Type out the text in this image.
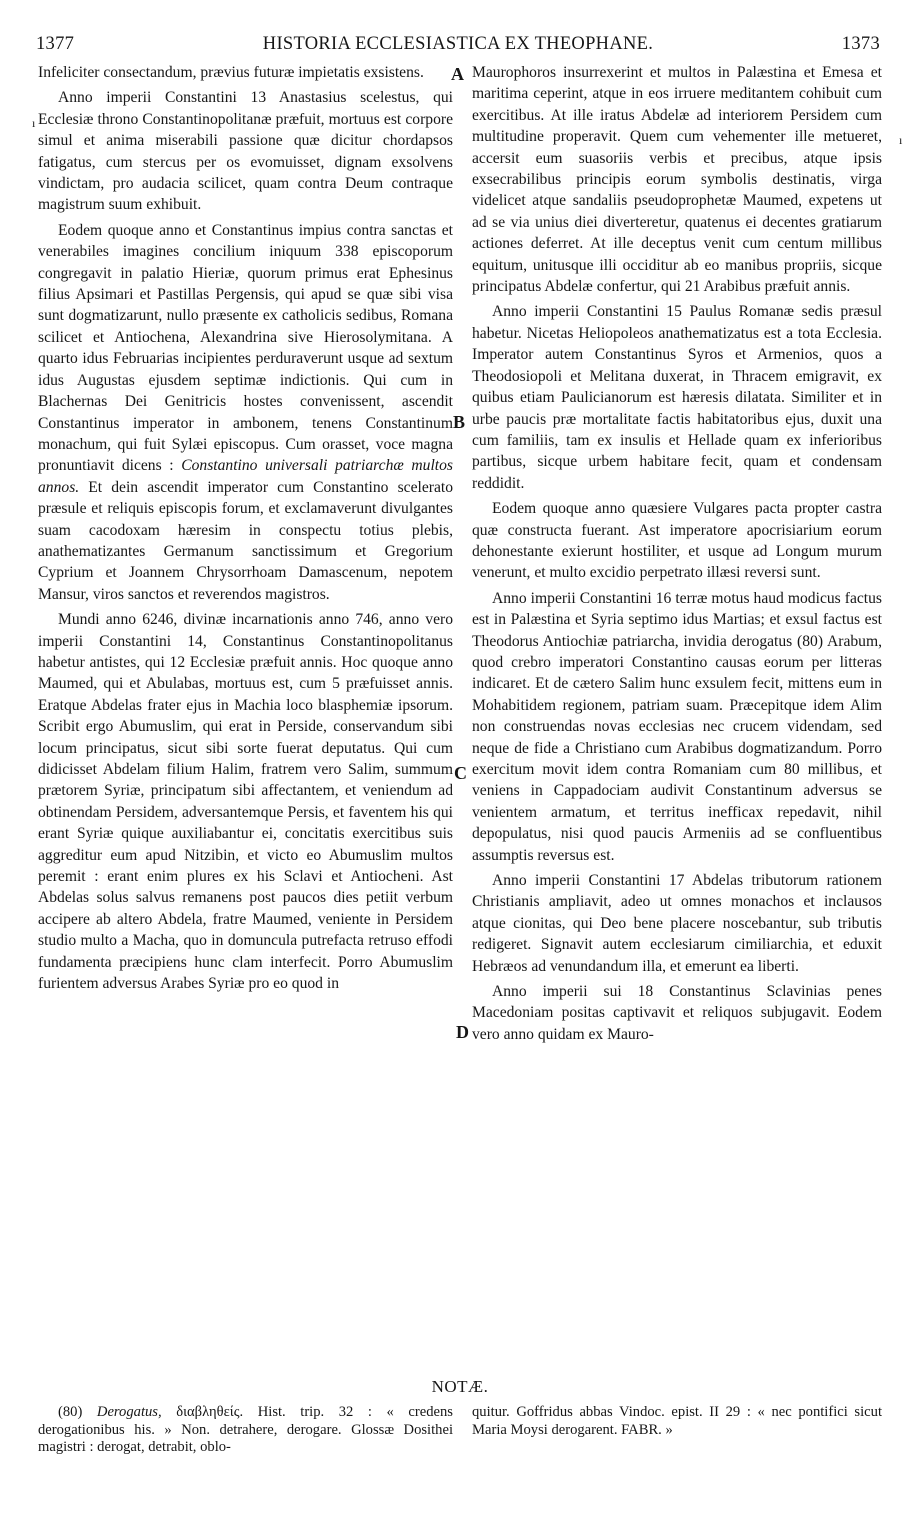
1377	HISTORIA ECCLESIASTICA EX THEOPHANE.	1373
ı
ı
A
B
C
D

Infeliciter consectandum, prævius futuræ impietatis exsistens.

Anno imperii Constantini 13 Anastasius scelestus, qui Ecclesiæ throno Constantinopolitanæ præfuit, mortuus est corpore simul et anima miserabili passione quæ dicitur chordapsos fatigatus, cum stercus per os evomuisset, dignam exsolvens vindictam, pro audacia scilicet, quam contra Deum contraque magistrum suum exhibuit.

Eodem quoque anno et Constantinus impius contra sanctas et venerabiles imagines concilium iniquum 338 episcoporum congregavit in palatio Hieriæ, quorum primus erat Ephesinus filius Apsimari et Pastillas Pergensis, qui apud se quæ sibi visa sunt dogmatizarunt, nullo præsente ex catholicis sedibus, Romana scilicet et Antiochena, Alexandrina sive Hierosolymitana. A quarto idus Februarias incipientes perduraverunt usque ad sextum idus Augustas ejusdem septimæ indictionis. Qui cum in Blachernas Dei Genitricis hostes convenissent, ascendit Constantinus imperator in ambonem, tenens Constantinum monachum, qui fuit Sylæi episcopus. Cum orasset, voce magna pronuntiavit dicens : Constantino universali patriarchæ multos annos. Et dein ascendit imperator cum Constantino scelerato præsule et reliquis episcopis forum, et exclamaverunt divulgantes suam cacodoxam hæresim in conspectu totius plebis, anathematizantes Germanum sanctissimum et Gregorium Cyprium et Joannem Chrysorrhoam Damascenum, nepotem Mansur, viros sanctos et reverendos magistros.

Mundi anno 6246, divinæ incarnationis anno 746, anno vero imperii Constantini 14, Constantinus Constantinopolitanus habetur antistes, qui 12 Ecclesiæ præfuit annis. Hoc quoque anno Maumed, qui et Abulabas, mortuus est, cum 5 præfuisset annis. Eratque Abdelas frater ejus in Machia loco blasphemiæ ipsorum. Scribit ergo Abumuslim, qui erat in Perside, conservandum sibi locum principatus, sicut sibi sorte fuerat deputatus. Qui cum didicisset Abdelam filium Halim, fratrem vero Salim, summum prætorem Syriæ, principatum sibi affectantem, et veniendum ad obtinendam Persidem, adversantemque Persis, et faventem his qui erant Syriæ quique auxiliabantur ei, concitatis exercitibus suis aggreditur eum apud Nitzibin, et victo eo Abumuslim multos peremit : erant enim plures ex his Sclavi et Antiocheni. Ast Abdelas solus salvus remanens post paucos dies petiit verbum accipere ab altero Abdela, fratre Maumed, veniente in Persidem studio multo a Macha, quo in domuncula putrefacta retruso effodi fundamenta præcipiens hunc clam interfecit. Porro Abumuslim furientem adversus Arabes Syriæ pro eo quod in

Maurophoros insurrexerint et multos in Palæstina et Emesa et maritima ceperint, atque in eos irruere meditantem cohibuit cum exercitibus. At ille iratus Abdelæ ad interiorem Persidem cum multitudine properavit. Quem cum vehementer ille metueret, accersit eum suasoriis verbis et precibus, atque ipsis exsecrabilibus principis eorum symbolis destinatis, virga videlicet atque sandaliis pseudoprophetæ Maumed, expetens ut ad se via unius diei diverteretur, quatenus ei decentes gratiarum actiones deferret. At ille deceptus venit cum centum millibus equitum, unitusque illi occiditur ab eo manibus propriis, sicque principatus Abdelæ confertur, qui 21 Arabibus præfuit annis.

Anno imperii Constantini 15 Paulus Romanæ sedis præsul habetur. Nicetas Heliopoleos anathematizatus est a tota Ecclesia. Imperator autem Constantinus Syros et Armenios, quos a Theodosiopoli et Melitana duxerat, in Thracem emigravit, ex quibus etiam Paulicianorum est hæresis dilatata. Similiter et in urbe paucis præ mortalitate factis habitatoribus ejus, duxit una cum familiis, tam ex insulis et Hellade quam ex inferioribus partibus, sicque urbem habitare fecit, quam et condensam reddidit.

Eodem quoque anno quæsiere Vulgares pacta propter castra quæ constructa fuerant. Ast imperatore apocrisiarium eorum dehonestante exierunt hostiliter, et usque ad Longum murum venerunt, et multo excidio perpetrato illæsi reversi sunt.

Anno imperii Constantini 16 terræ motus haud modicus factus est in Palæstina et Syria septimo idus Martias; et exsul factus est Theodorus Antiochiæ patriarcha, invidia derogatus (80) Arabum, quod crebro imperatori Constantino causas eorum per litteras indicaret. Et de cætero Salim hunc exsulem fecit, mittens eum in Mohabitidem regionem, patriam suam. Præcepitque idem Alim non construendas novas ecclesias nec crucem videndam, sed neque de fide a Christiano cum Arabibus dogmatizandum. Porro exercitum movit idem contra Romaniam cum 80 millibus, et veniens in Cappadociam audivit Constantinum adversus se venientem armatum, et territus inefficax repedavit, nihil depopulatus, nisi quod paucis Armeniis ad se confluentibus assumptis reversus est.

Anno imperii Constantini 17 Abdelas tributorum rationem Christianis ampliavit, adeo ut omnes monachos et inclausos atque cionitas, qui Deo bene placere noscebantur, sub tributis redigeret. Signavit autem ecclesiarum cimiliarchia, et eduxit Hebræos ad venundandum illa, et emerunt ea liberti.

Anno imperii sui 18 Constantinus Sclavinias penes Macedoniam positas captivavit et reliquos subjugavit. Eodem vero anno quidam ex Mauro-

NOTÆ.

(80) Derogatus, διαβληθείς. Hist. trip. 32 : « credens derogationibus his. » Non. detrahere, derogare. Glossæ Dosithei magistri : derogat, detrabit, oblo-

quitur. Goffridus abbas Vindoc. epist. II 29 : « nec pontifici sicut Maria Moysi derogarent. FABR. »
